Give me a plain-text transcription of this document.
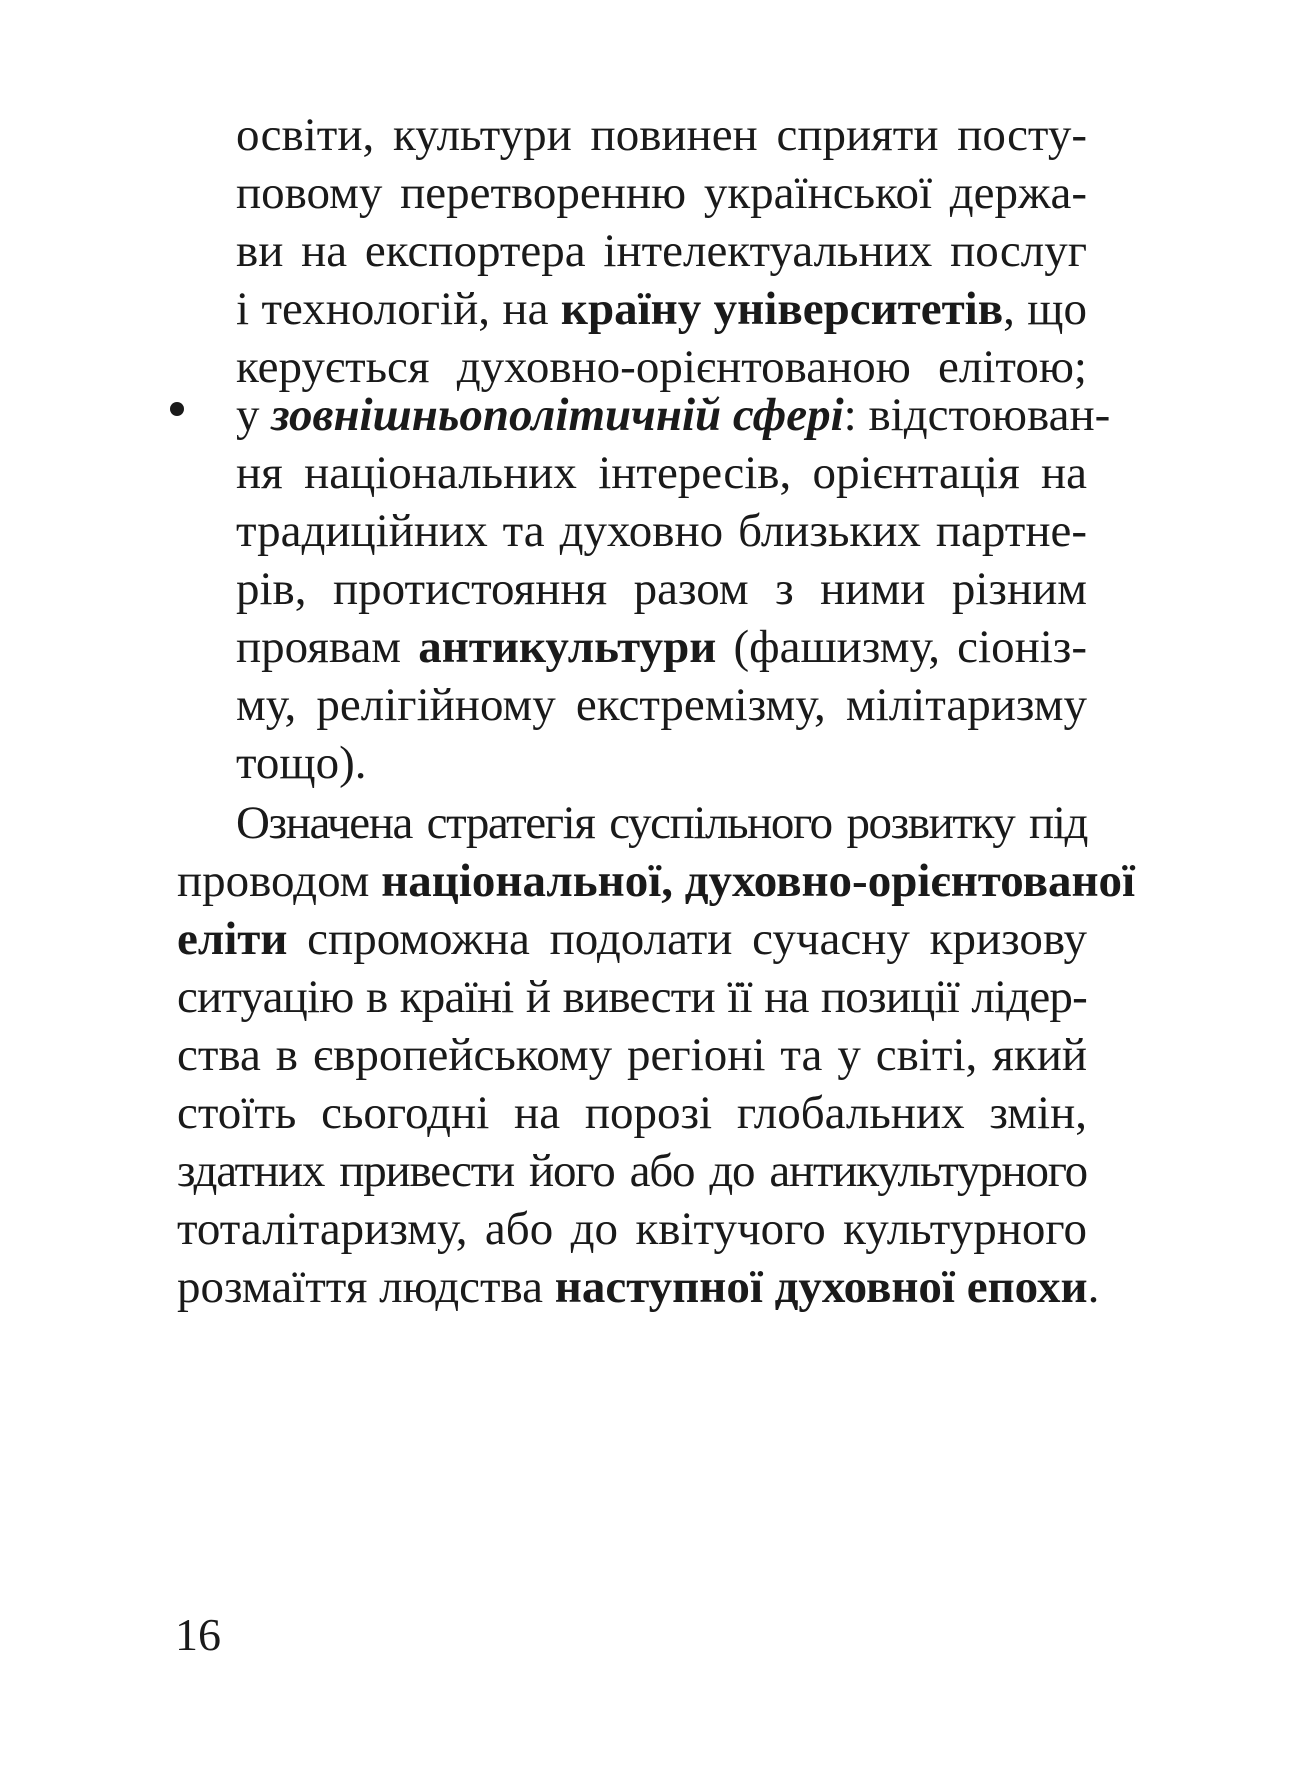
освіти, культури повинен сприяти посту-

повому перетворенню української держа-

ви на експортера інтелектуальних послуг

і технологій, на країну університетів, що

керується духовно-орієнтованою елітою;

у зовнішньополітичній сфері: відстоюван-

ня національних інтересів, орієнтація на

традиційних та духовно близьких партне-

рів, протистояння разом з ними різним

проявам антикультури (фашизму, сіоніз-

му, релігійному екстремізму, мілітаризму

тощо).

Означена стратегія суспільного розвитку під

проводом національної, духовно-орієнтованої

еліти спроможна подолати сучасну кризову

ситуацію в країні й вивести її на позиції лідер-

ства в європейському регіоні та у світі, який

стоїть сьогодні на порозі глобальних змін,

здатних привести його або до антикультурного

тоталітаризму, або до квітучого культурного

розмаїття людства наступної духовної епохи.

16
